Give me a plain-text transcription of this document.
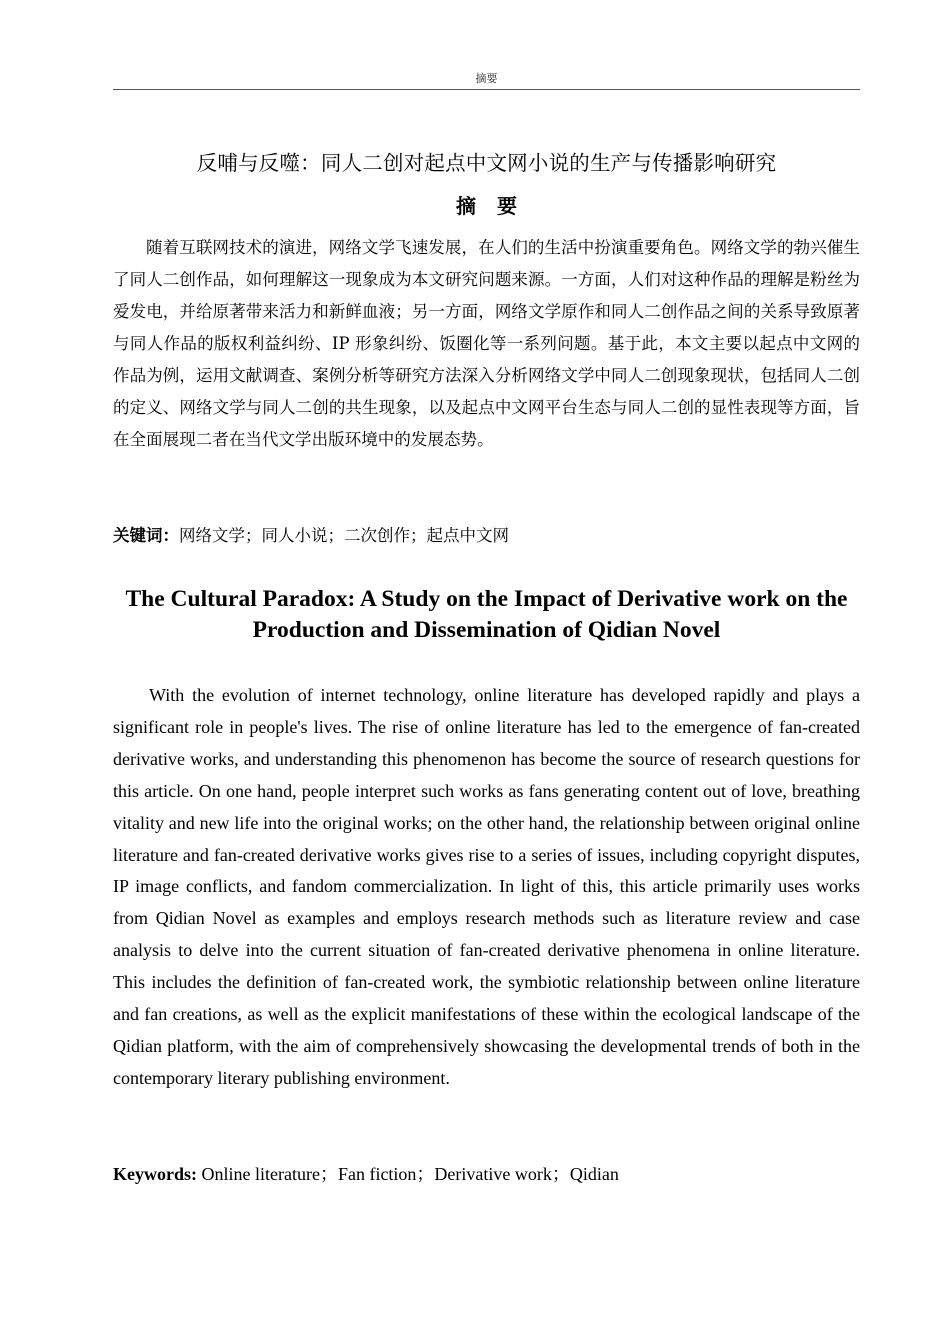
摘要
反哺与反噬：同人二创对起点中文网小说的生产与传播影响研究
摘 要

随着互联网技术的演进，网络文学飞速发展，在人们的生活中扮演重要角色。网络文学的勃兴催生了同人二创作品，如何理解这一现象成为本文研究问题来源。一方面，人们对这种作品的理解是粉丝为爱发电，并给原著带来活力和新鲜血液；另一方面，网络文学原作和同人二创作品之间的关系导致原著与同人作品的版权利益纠纷、IP 形象纠纷、饭圈化等一系列问题。基于此，本文主要以起点中文网的作品为例，运用文献调查、案例分析等研究方法深入分析网络文学中同人二创现象现状，包括同人二创的定义、网络文学与同人二创的共生现象，以及起点中文网平台生态与同人二创的显性表现等方面，旨在全面展现二者在当代文学出版环境中的发展态势。

关键词：网络文学；同人小说；二次创作；起点中文网
The Cultural Paradox: A Study on the Impact of Derivative work on the Production and Dissemination of Qidian Novel

With the evolution of internet technology, online literature has developed rapidly and plays a significant role in people's lives. The rise of online literature has led to the emergence of fan-created derivative works, and understanding this phenomenon has become the source of research questions for this article. On one hand, people interpret such works as fans generating content out of love, breathing vitality and new life into the original works; on the other hand, the relationship between original online literature and fan-created derivative works gives rise to a series of issues, including copyright disputes, IP image conflicts, and fandom commercialization. In light of this, this article primarily uses works from Qidian Novel as examples and employs research methods such as literature review and case analysis to delve into the current situation of fan-created derivative phenomena in online literature. This includes the definition of fan-created work, the symbiotic relationship between online literature and fan creations, as well as the explicit manifestations of these within the ecological landscape of the Qidian platform, with the aim of comprehensively showcasing the developmental trends of both in the contemporary literary publishing environment.

Keywords: Online literature；Fan fiction；Derivative work；Qidian
